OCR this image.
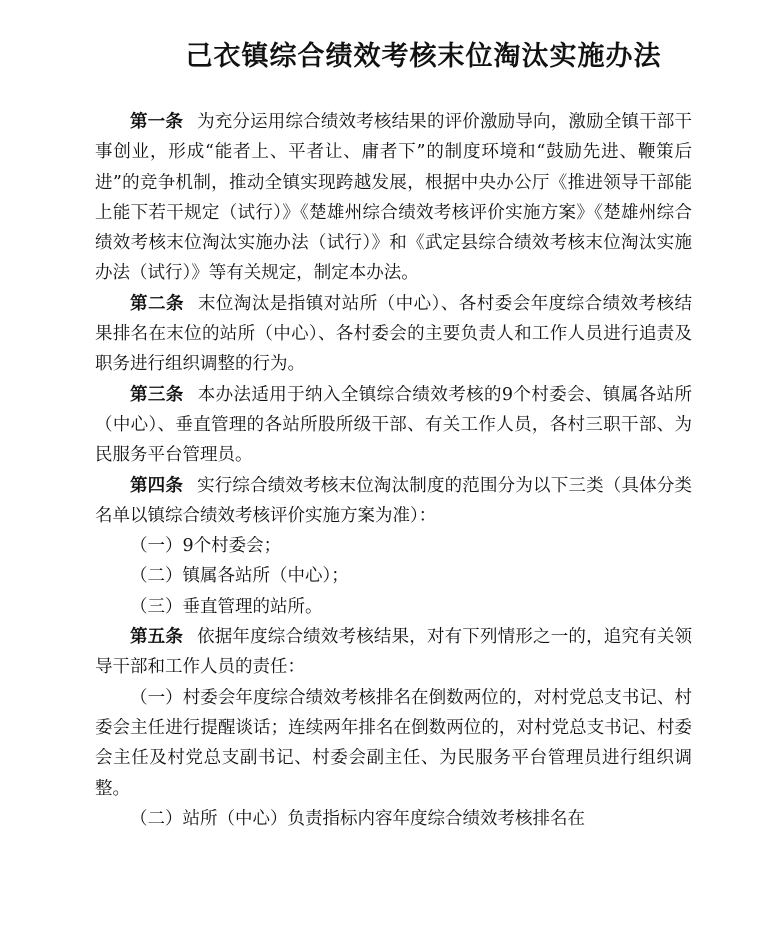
己衣镇综合绩效考核末位淘汰实施办法

第一条 为充分运用综合绩效考核结果的评价激励导向，激励全镇干部干事创业，形成“能者上、平者让、庸者下”的制度环境和“鼓励先进、鞭策后进”的竞争机制，推动全镇实现跨越发展，根据中央办公厅《推进领导干部能上能下若干规定（试行）》《楚雄州综合绩效考核评价实施方案》《楚雄州综合绩效考核末位淘汰实施办法（试行）》和《武定县综合绩效考核末位淘汰实施办法（试行）》等有关规定，制定本办法。

第二条 末位淘汰是指镇对站所（中心）、各村委会年度综合绩效考核结果排名在末位的站所（中心）、各村委会的主要负责人和工作人员进行追责及职务进行组织调整的行为。

第三条 本办法适用于纳入全镇综合绩效考核的9个村委会、镇属各站所（中心）、垂直管理的各站所股所级干部、有关工作人员，各村三职干部、为民服务平台管理员。

第四条 实行综合绩效考核末位淘汰制度的范围分为以下三类（具体分类名单以镇综合绩效考核评价实施方案为准）：

（一）9个村委会；

（二）镇属各站所（中心）；

（三）垂直管理的站所。

第五条 依据年度综合绩效考核结果，对有下列情形之一的，追究有关领导干部和工作人员的责任：

（一）村委会年度综合绩效考核排名在倒数两位的，对村党总支书记、村委会主任进行提醒谈话；连续两年排名在倒数两位的，对村党总支书记、村委会主任及村党总支副书记、村委会副主任、为民服务平台管理员进行组织调整。

（二）站所（中心）负责指标内容年度综合绩效考核排名在
